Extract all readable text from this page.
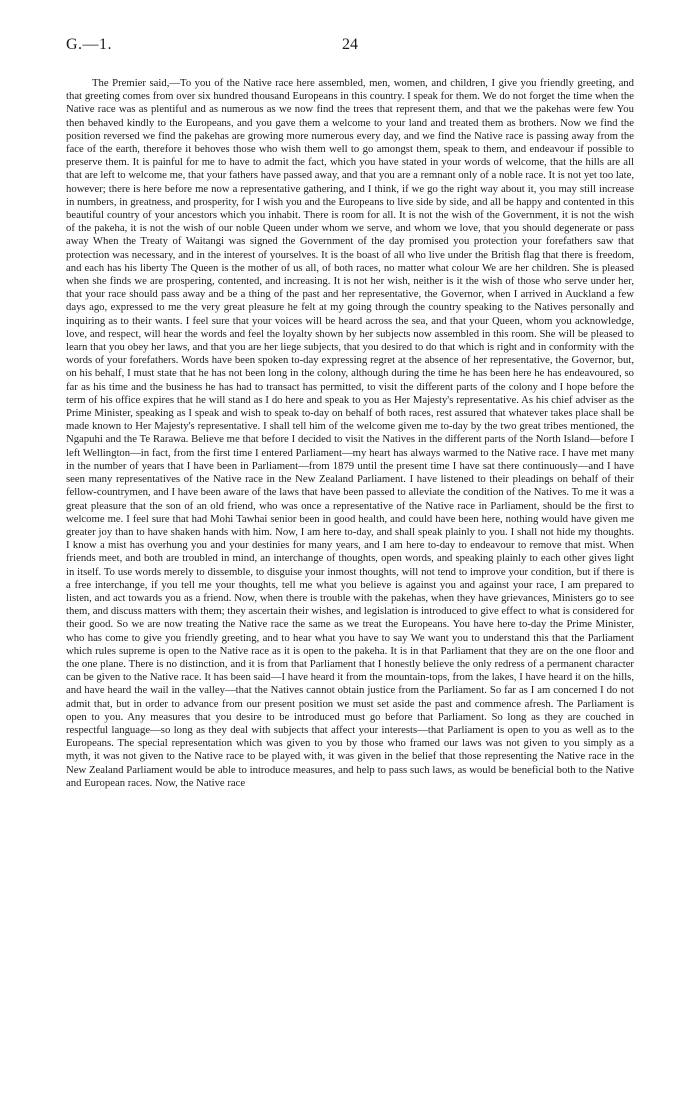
G.—1.	24

The Premier said,—To you of the Native race here assembled, men, women, and children, I give you friendly greeting, and that greeting comes from over six hundred thousand Europeans in this country. I speak for them. We do not forget the time when the Native race was as plentiful and as numerous as we now find the trees that represent them, and that we the pakehas were few You then behaved kindly to the Europeans, and you gave them a welcome to your land and treated them as brothers. Now we find the position reversed we find the pakehas are growing more numerous every day, and we find the Native race is passing away from the face of the earth, therefore it behoves those who wish them well to go amongst them, speak to them, and endeavour if possible to preserve them. It is painful for me to have to admit the fact, which you have stated in your words of welcome, that the hills are all that are left to welcome me, that your fathers have passed away, and that you are a remnant only of a noble race. It is not yet too late, however; there is here before me now a representative gathering, and I think, if we go the right way about it, you may still increase in numbers, in greatness, and prosperity, for I wish you and the Europeans to live side by side, and all be happy and contented in this beautiful country of your ancestors which you inhabit. There is room for all. It is not the wish of the Government, it is not the wish of the pakeha, it is not the wish of our noble Queen under whom we serve, and whom we love, that you should degenerate or pass away When the Treaty of Waitangi was signed the Government of the day promised you protection your forefathers saw that protection was necessary, and in the interest of yourselves. It is the boast of all who live under the British flag that there is freedom, and each has his liberty The Queen is the mother of us all, of both races, no matter what colour We are her children. She is pleased when she finds we are prospering, contented, and increasing. It is not her wish, neither is it the wish of those who serve under her, that your race should pass away and be a thing of the past and her representative, the Governor, when I arrived in Auckland a few days ago, expressed to me the very great pleasure he felt at my going through the country speaking to the Natives personally and inquiring as to their wants. I feel sure that your voices will be heard across the sea, and that your Queen, whom you acknowledge, love, and respect, will hear the words and feel the loyalty shown by her subjects now assembled in this room. She will be pleased to learn that you obey her laws, and that you are her liege subjects, that you desired to do that which is right and in conformity with the words of your forefathers. Words have been spoken to-day expressing regret at the absence of her representative, the Governor, but, on his behalf, I must state that he has not been long in the colony, although during the time he has been here he has endeavoured, so far as his time and the business he has had to transact has permitted, to visit the different parts of the colony and I hope before the term of his office expires that he will stand as I do here and speak to you as Her Majesty's representative. As his chief adviser as the Prime Minister, speaking as I speak and wish to speak to-day on behalf of both races, rest assured that whatever takes place shall be made known to Her Majesty's representative. I shall tell him of the welcome given me to-day by the two great tribes mentioned, the Ngapuhi and the Te Rarawa. Believe me that before I decided to visit the Natives in the different parts of the North Island—before I left Wellington—in fact, from the first time I entered Parliament—my heart has always warmed to the Native race. I have met many in the number of years that I have been in Parliament—from 1879 until the present time I have sat there continuously—and I have seen many representatives of the Native race in the New Zealand Parliament. I have listened to their pleadings on behalf of their fellow-countrymen, and I have been aware of the laws that have been passed to alleviate the condition of the Natives. To me it was a great pleasure that the son of an old friend, who was once a representative of the Native race in Parliament, should be the first to welcome me. I feel sure that had Mohi Tawhai senior been in good health, and could have been here, nothing would have given me greater joy than to have shaken hands with him. Now, I am here to-day, and shall speak plainly to you. I shall not hide my thoughts. I know a mist has overhung you and your destinies for many years, and I am here to-day to endeavour to remove that mist. When friends meet, and both are troubled in mind, an interchange of thoughts, open words, and speaking plainly to each other gives light in itself. To use words merely to dissemble, to disguise your inmost thoughts, will not tend to improve your condition, but if there is a free interchange, if you tell me your thoughts, tell me what you believe is against you and against your race, I am prepared to listen, and act towards you as a friend. Now, when there is trouble with the pakehas, when they have grievances, Ministers go to see them, and discuss matters with them; they ascertain their wishes, and legislation is introduced to give effect to what is considered for their good. So we are now treating the Native race the same as we treat the Europeans. You have here to-day the Prime Minister, who has come to give you friendly greeting, and to hear what you have to say We want you to understand this that the Parliament which rules supreme is open to the Native race as it is open to the pakeha. It is in that Parliament that they are on the one floor and the one plane. There is no distinction, and it is from that Parliament that I honestly believe the only redress of a permanent character can be given to the Native race. It has been said—I have heard it from the mountain-tops, from the lakes, I have heard it on the hills, and have heard the wail in the valley—that the Natives cannot obtain justice from the Parliament. So far as I am concerned I do not admit that, but in order to advance from our present position we must set aside the past and commence afresh. The Parliament is open to you. Any measures that you desire to be introduced must go before that Parliament. So long as they are couched in respectful language—so long as they deal with subjects that affect your interests—that Parliament is open to you as well as to the Europeans. The special representation which was given to you by those who framed our laws was not given to you simply as a myth, it was not given to the Native race to be played with, it was given in the belief that those representing the Native race in the New Zealand Parliament would be able to introduce measures, and help to pass such laws, as would be beneficial both to the Native and European races. Now, the Native race
